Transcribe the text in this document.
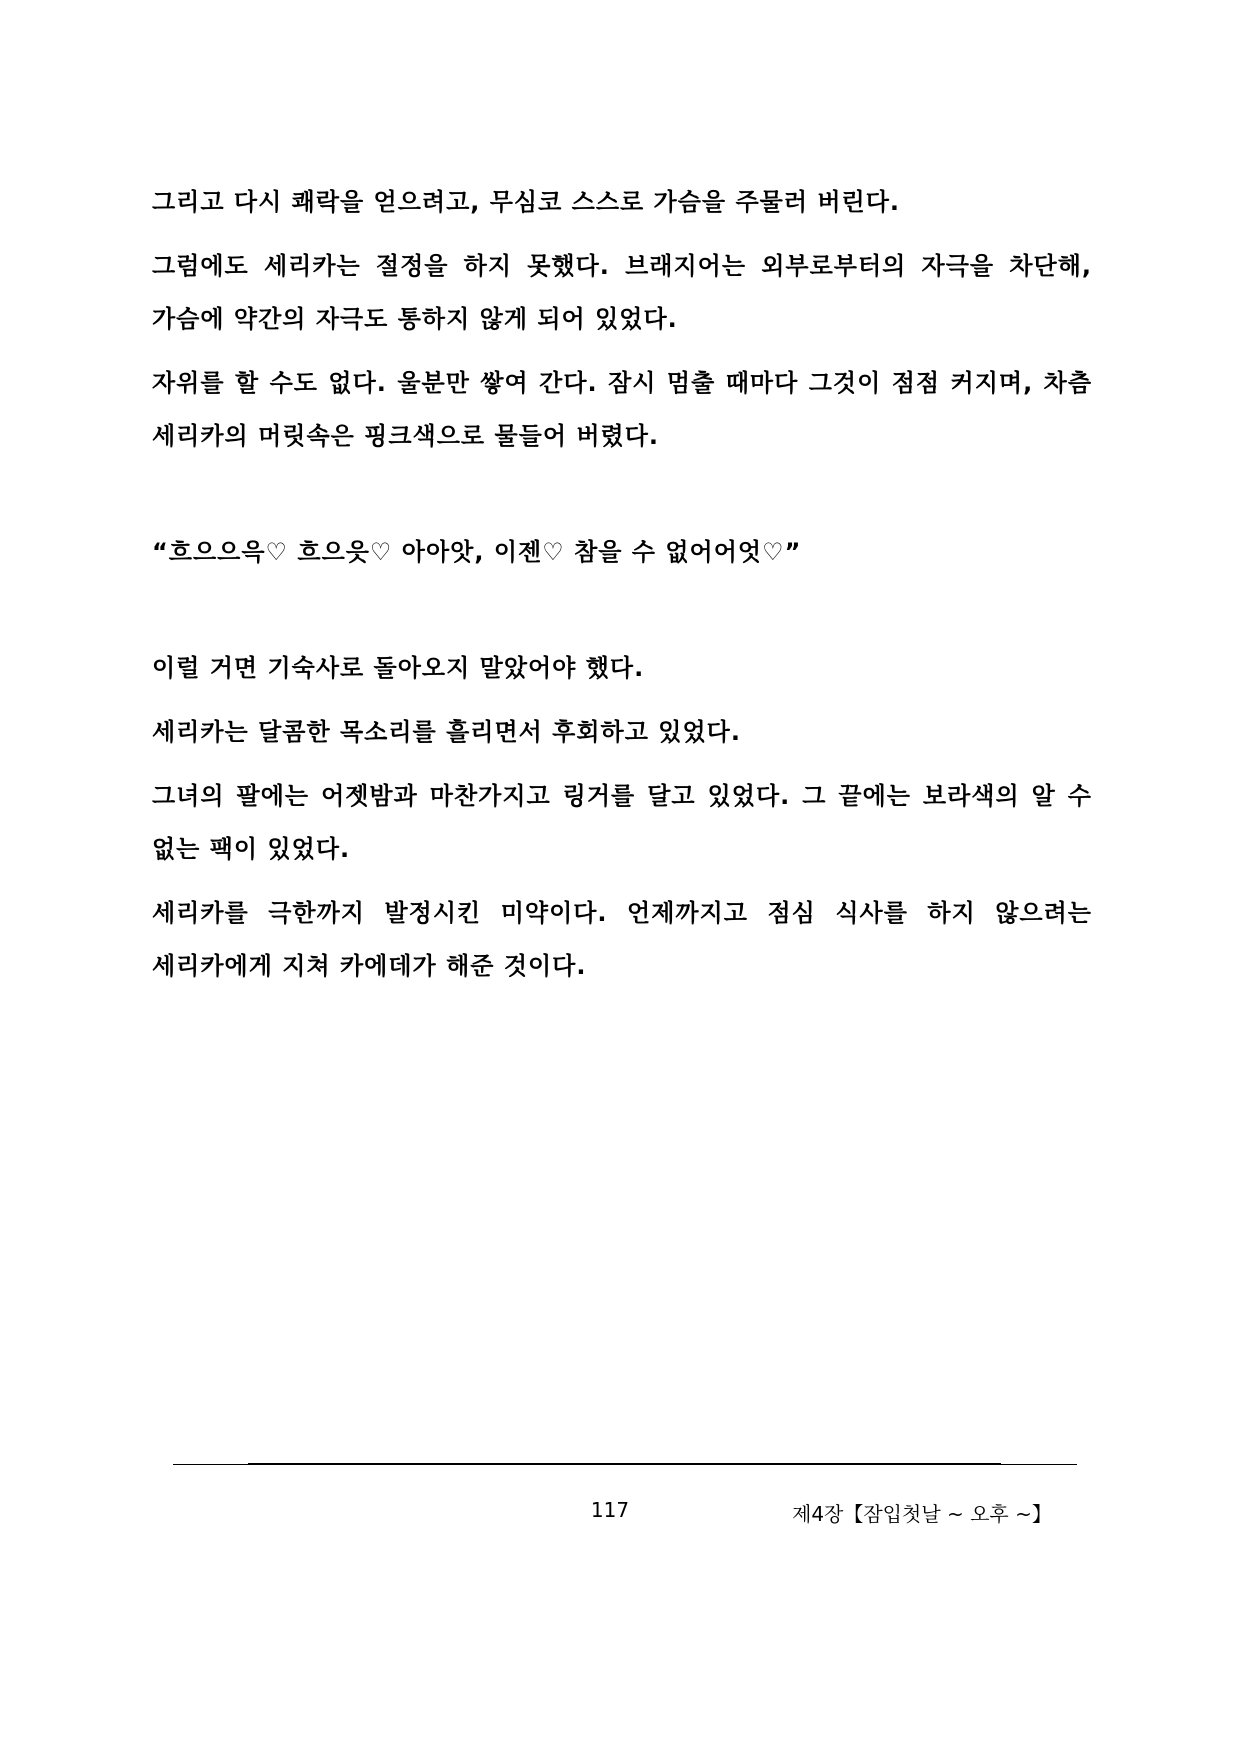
그리고 다시 쾌락을 얻으려고, 무심코 스스로 가슴을 주물러 버린다.

그럼에도 세리카는 절정을 하지 못했다. 브래지어는 외부로부터의 자극을 차단해, 가슴에 약간의 자극도 통하지 않게 되어 있었다.

자위를 할 수도 없다. 울분만 쌓여 간다. 잠시 멈출 때마다 그것이 점점 커지며, 차츰 세리카의 머릿속은 핑크색으로 물들어 버렸다.

“흐으으윽♡ 흐으읏♡ 아아앗, 이젠♡ 참을 수 없어어엇♡”

이럴 거면 기숙사로 돌아오지 말았어야 했다.

세리카는 달콤한 목소리를 흘리면서 후회하고 있었다.

그녀의 팔에는 어젯밤과 마찬가지고 링거를 달고 있었다. 그 끝에는 보라색의 알 수 없는 팩이 있었다.

세리카를 극한까지 발정시킨 미약이다. 언제까지고 점심 식사를 하지 않으려는 세리카에게 지쳐 카에데가 해준 것이다.

117	제4장【잠입첫날 ~ 오후 ~】
